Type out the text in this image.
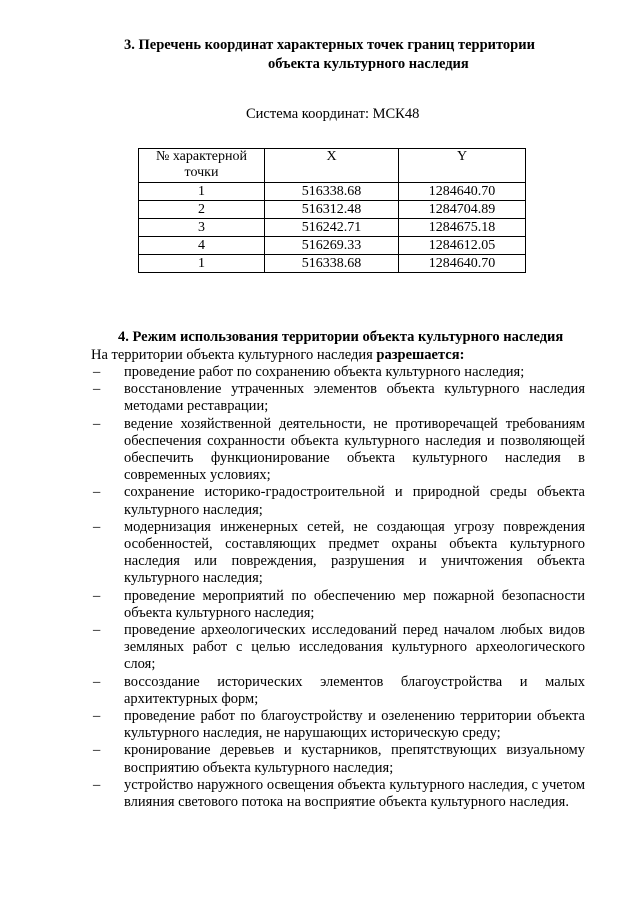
3. Перечень координат характерных точек границ территории
объекта культурного наследия
Система координат: МСК48
№ характерной точки	X	Y
1	516338.68	1284640.70
2	516312.48	1284704.89
3	516242.71	1284675.18
4	516269.33	1284612.05
1	516338.68	1284640.70
4. Режим использования территории объекта культурного наследия
На территории объекта культурного наследия разрешается:
– проведение работ по сохранению объекта культурного наследия;
– восстановление утраченных элементов объекта культурного наследия методами реставрации;
– ведение хозяйственной деятельности, не противоречащей требованиям обеспечения сохранности объекта культурного наследия и позволяющей обеспечить функционирование объекта культурного наследия в современных условиях;
– сохранение историко-градостроительной и природной среды объекта культурного наследия;
– модернизация инженерных сетей, не создающая угрозу повреждения особенностей, составляющих предмет охраны объекта культурного наследия или повреждения, разрушения и уничтожения объекта культурного наследия;
– проведение мероприятий по обеспечению мер пожарной безопасности объекта культурного наследия;
– проведение археологических исследований перед началом любых видов земляных работ с целью исследования культурного археологического слоя;
– воссоздание исторических элементов благоустройства и малых архитектурных форм;
– проведение работ по благоустройству и озеленению территории объекта культурного наследия, не нарушающих историческую среду;
– кронирование деревьев и кустарников, препятствующих визуальному восприятию объекта культурного наследия;
– устройство наружного освещения объекта культурного наследия, с учетом влияния светового потока на восприятие объекта культурного наследия.
